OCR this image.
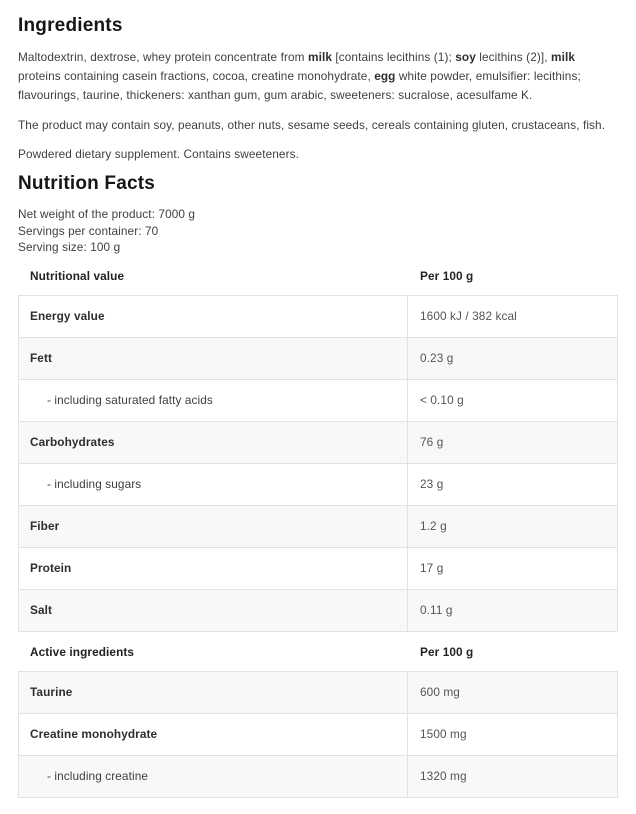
Ingredients

Maltodextrin, dextrose, whey protein concentrate from milk [contains lecithins (1); soy lecithins (2)], milk proteins containing casein fractions, cocoa, creatine monohydrate, egg white powder, emulsifier: lecithins; flavourings, taurine, thickeners: xanthan gum, gum arabic, sweeteners: sucralose, acesulfame K.

The product may contain soy, peanuts, other nuts, sesame seeds, cereals containing gluten, crustaceans, fish.

Powdered dietary supplement. Contains sweeteners.

Nutrition Facts

Net weight of the product: 7000 g

Servings per container: 70

Serving size: 100 g

Nutritional value	Per 100 g
Energy value	1600 kJ / 382 kcal
Fett	0.23 g
- including saturated fatty acids	< 0.10 g
Carbohydrates	76 g
- including sugars	23 g
Fiber	1.2 g
Protein	17 g
Salt	0.11 g
Active ingredients	Per 100 g
Taurine	600 mg
Creatine monohydrate	1500 mg
- including creatine	1320 mg
